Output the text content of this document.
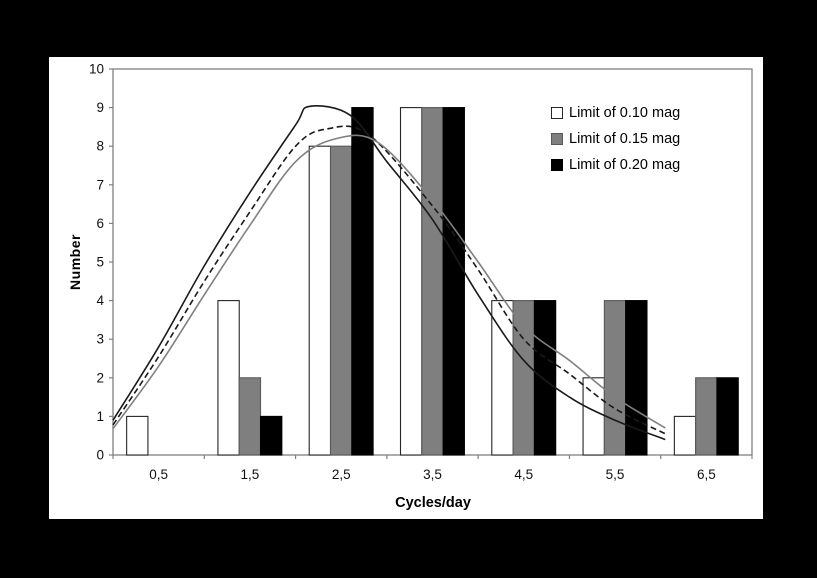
0
1
2
3
4
5
6
7
8
9
10
0,5	1,5	2,5	3,5	4,5	5,5	6,5
Number
Cycles/day
Limit of 0.10 mag
Limit of 0.15 mag
Limit of 0.20 mag
